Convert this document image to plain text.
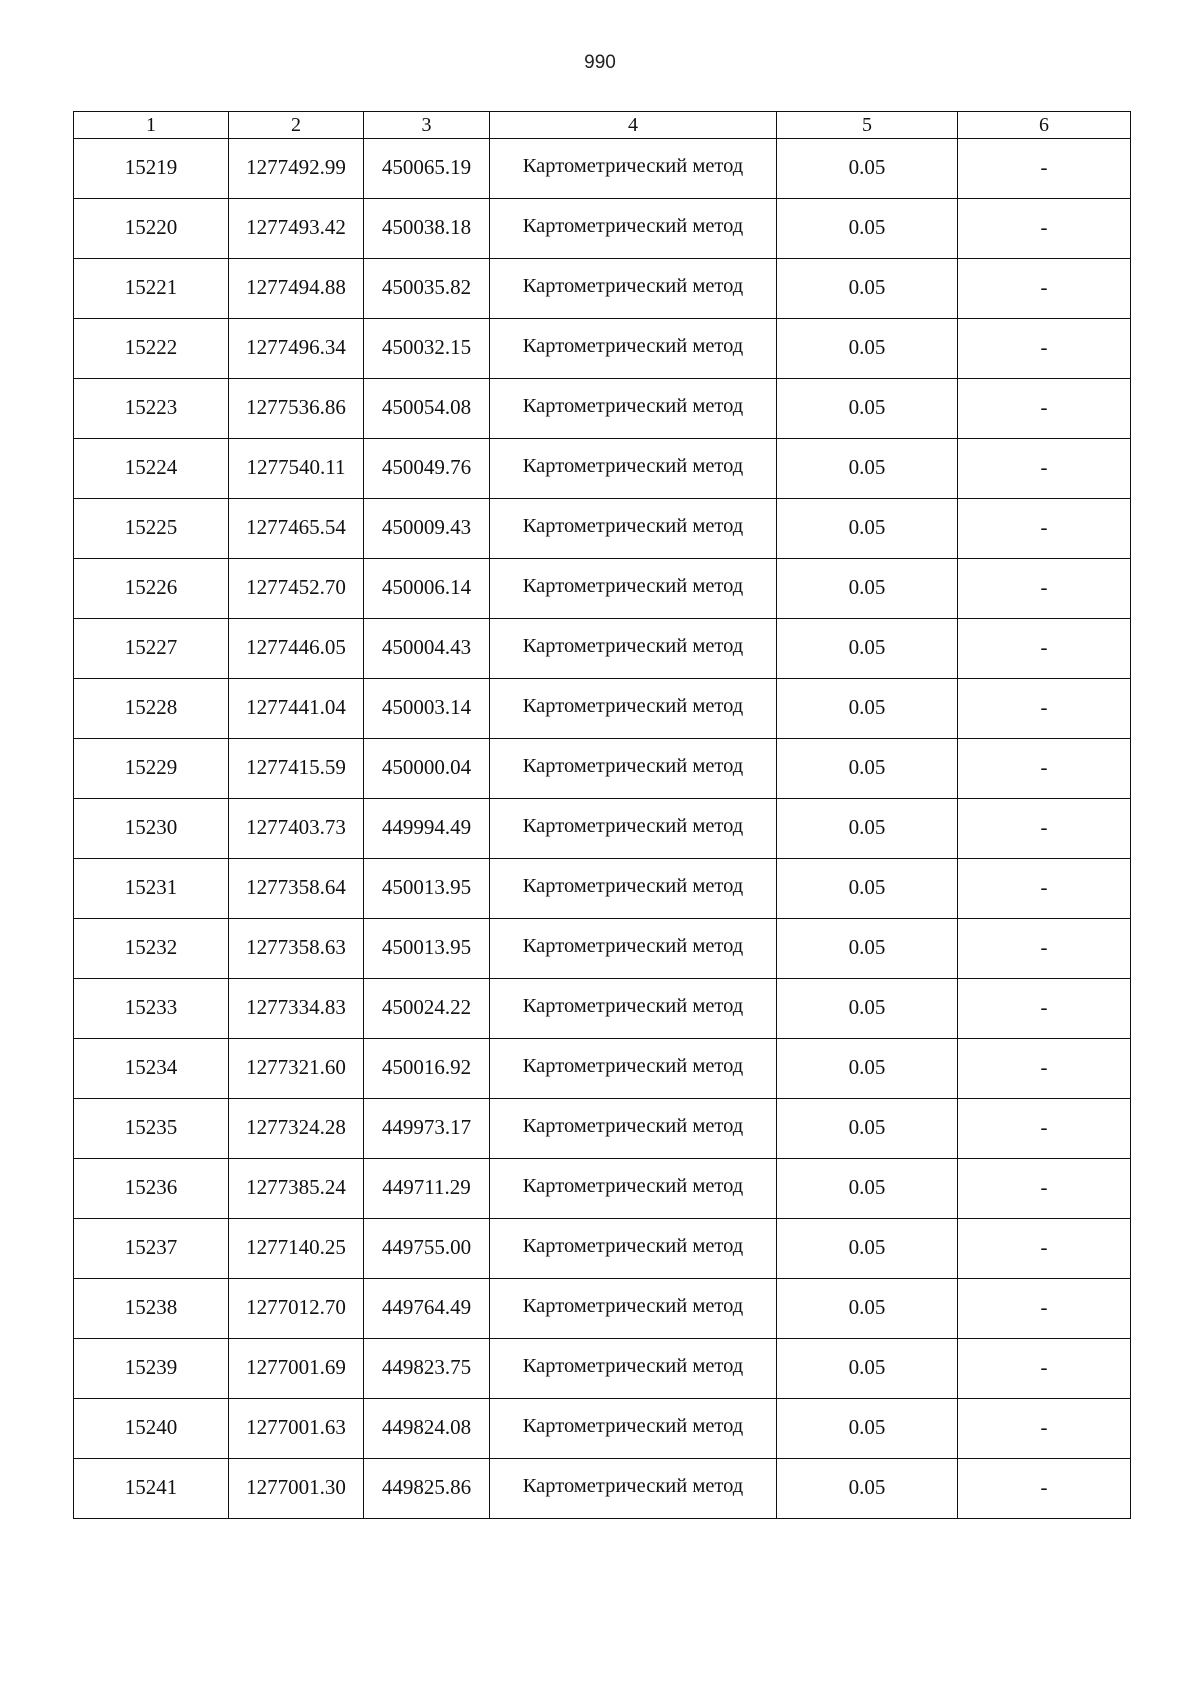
990
1	2	3	4	5	6
15219	1277492.99	450065.19	Картометрический метод	0.05	-
15220	1277493.42	450038.18	Картометрический метод	0.05	-
15221	1277494.88	450035.82	Картометрический метод	0.05	-
15222	1277496.34	450032.15	Картометрический метод	0.05	-
15223	1277536.86	450054.08	Картометрический метод	0.05	-
15224	1277540.11	450049.76	Картометрический метод	0.05	-
15225	1277465.54	450009.43	Картометрический метод	0.05	-
15226	1277452.70	450006.14	Картометрический метод	0.05	-
15227	1277446.05	450004.43	Картометрический метод	0.05	-
15228	1277441.04	450003.14	Картометрический метод	0.05	-
15229	1277415.59	450000.04	Картометрический метод	0.05	-
15230	1277403.73	449994.49	Картометрический метод	0.05	-
15231	1277358.64	450013.95	Картометрический метод	0.05	-
15232	1277358.63	450013.95	Картометрический метод	0.05	-
15233	1277334.83	450024.22	Картометрический метод	0.05	-
15234	1277321.60	450016.92	Картометрический метод	0.05	-
15235	1277324.28	449973.17	Картометрический метод	0.05	-
15236	1277385.24	449711.29	Картометрический метод	0.05	-
15237	1277140.25	449755.00	Картометрический метод	0.05	-
15238	1277012.70	449764.49	Картометрический метод	0.05	-
15239	1277001.69	449823.75	Картометрический метод	0.05	-
15240	1277001.63	449824.08	Картометрический метод	0.05	-
15241	1277001.30	449825.86	Картометрический метод	0.05	-
